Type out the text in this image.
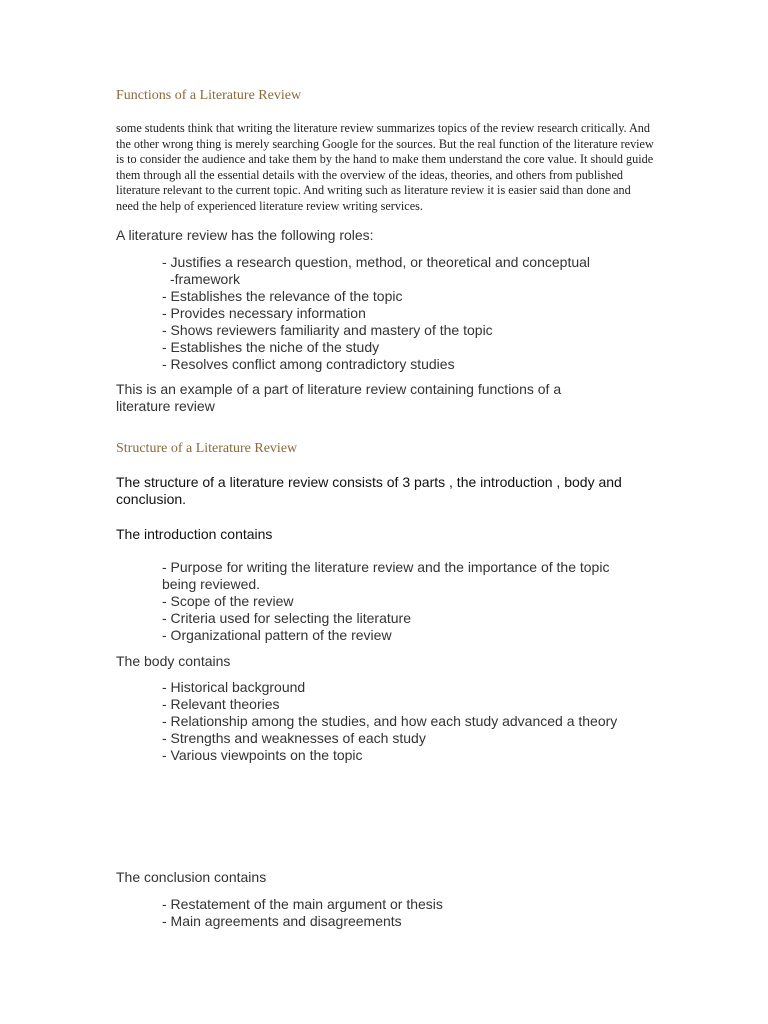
Functions of a Literature Review

some students think that writing the literature review summarizes topics of the review research critically. And the other wrong thing is merely searching Google for the sources. But the real function of the literature review is to consider the audience and take them by the hand to make them understand the core value. It should guide them through all the essential details with the overview of the ideas, theories, and others from published literature relevant to the current topic. And writing such as literature review it is easier said than done and need the help of experienced literature review writing services.

A literature review has the following roles:

- Justifies a research question, method, or theoretical and conceptual
-framework
- Establishes the relevance of the topic
- Provides necessary information
- Shows reviewers familiarity and mastery of the topic
- Establishes the niche of the study
- Resolves conflict among contradictory studies

This is an example of a part of literature review containing functions of a literature review

Structure of a Literature Review

The structure of a literature review consists of 3 parts , the introduction , body and conclusion.

The introduction contains

- Purpose for writing the literature review and the importance of the topic being reviewed.
- Scope of the review
- Criteria used for selecting the literature
- Organizational pattern of the review

The body contains

- Historical background
- Relevant theories
- Relationship among the studies, and how each study advanced a theory
- Strengths and weaknesses of each study
- Various viewpoints on the topic

The conclusion contains

- Restatement of the main argument or thesis
- Main agreements and disagreements
